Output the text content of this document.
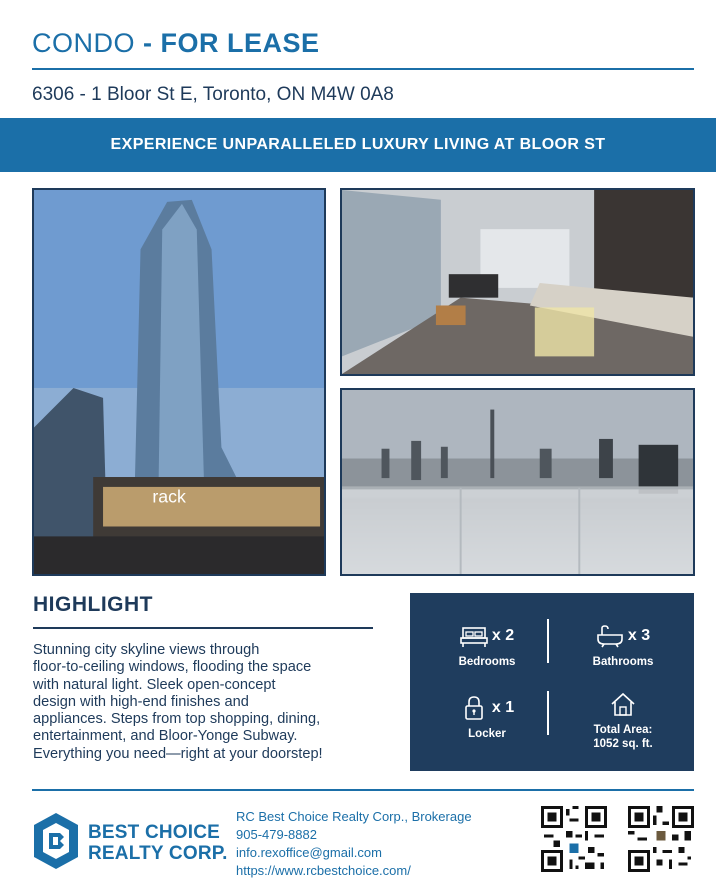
CONDO - FOR LEASE
6306 - 1 Bloor St E, Toronto, ON M4W 0A8
EXPERIENCE UNPARALLELED LUXURY LIVING AT BLOOR ST
rack
HIGHLIGHT
Stunning city skyline views through
floor-to-ceiling windows, flooding the space
with natural light. Sleek open-concept
design with high-end finishes and
appliances. Steps from top shopping, dining,
entertainment, and Bloor-Yonge Subway.
Everything you need—right at your doorstep!
x 2
Bedrooms
x 3
Bathrooms
x 1
Locker	Total Area:
1052 sq. ft.
BEST CHOICE
REALTY CORP.
RC Best Choice Realty Corp., Brokerage
905-479-8882
info.rexoffice@gmail.com
https://www.rcbestchoice.com/
